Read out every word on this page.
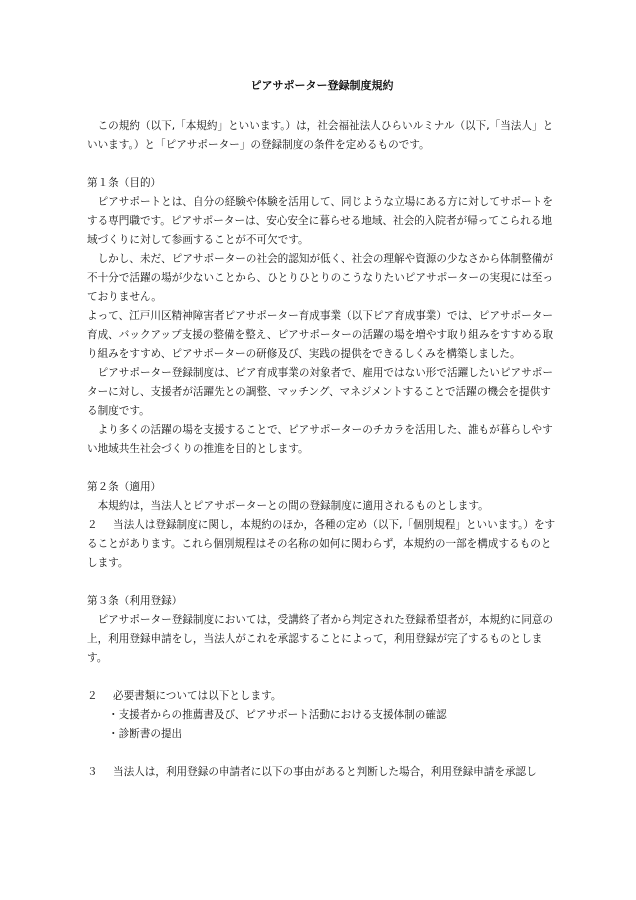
ピアサポーター登録制度規約

この規約（以下,「本規約」といいます。）は，社会福祉法人ひらいルミナル（以下,「当法人」といいます。）と「ピアサポーター」の登録制度の条件を定めるものです。

第１条（目的）

ピアサポートとは、自分の経験や体験を活用して、同じような立場にある方に対してサポートをする専門職です。ピアサポーターは、安心安全に暮らせる地域、社会的入院者が帰ってこられる地域づくりに対して参画することが不可欠です。

しかし、未だ、ピアサポーターの社会的認知が低く、社会の理解や資源の少なさから体制整備が不十分で活躍の場が少ないことから、ひとりひとりのこうなりたいピアサポーターの実現には至っておりません。

よって、江戸川区精神障害者ピアサポーター育成事業（以下ピア育成事業）では、ピアサポーター育成、バックアップ支援の整備を整え、ピアサポーターの活躍の場を増やす取り組みをすすめる取り組みをすすめ、ピアサポーターの研修及び、実践の提供をできるしくみを構築しました。

ピアサポーター登録制度は、ピア育成事業の対象者で、雇用ではない形で活躍したいピアサポーターに対し、支援者が活躍先との調整、マッチング、マネジメントすることで活躍の機会を提供する制度です。

より多くの活躍の場を支援することで、ピアサポーターのチカラを活用した、誰もが暮らしやすい地域共生社会づくりの推進を目的とします。

第２条（適用）

本規約は，当法人とピアサポーターとの間の登録制度に適用されるものとします。

２	当法人は登録制度に関し，本規約のほか，各種の定め（以下,「個別規程」といいます。）をすることがあります。これら個別規程はその名称の如何に関わらず，本規約の一部を構成するものとします。

第３条（利用登録）

ピアサポーター登録制度においては，受講終了者から判定された登録希望者が，本規約に同意の上，利用登録申請をし，当法人がこれを承認することによって，利用登録が完了するものとします。

２	必要書類については以下とします。
・支援者からの推薦書及び、ピアサポート活動における支援体制の確認
・診断書の提出
３	当法人は，利用登録の申請者に以下の事由があると判断した場合，利用登録申請を承認し
